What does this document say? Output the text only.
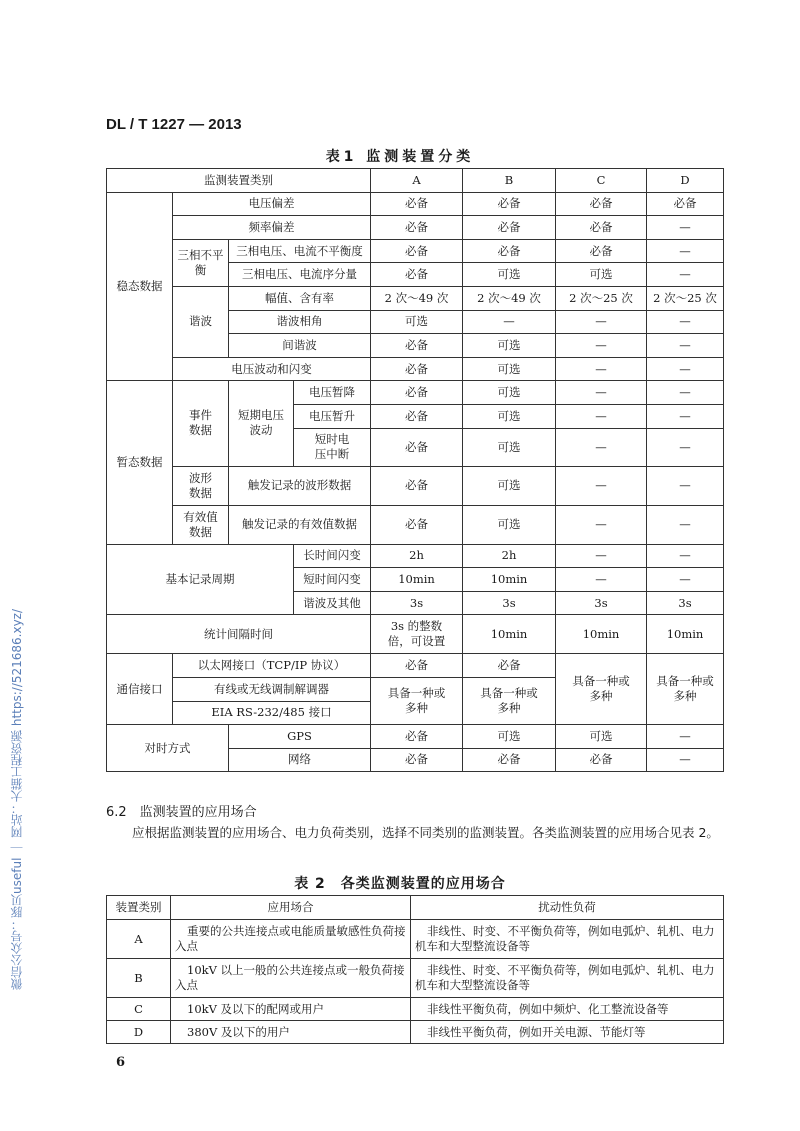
DL / T 1227 — 2013
微信公众号：豚贝useful ｜ 网站：大猫工程资源 https://521686.xyz/
表1 监测装置分类
监测装置类别				A	B	C	D
稳态数据	电压偏差			必备	必备	必备	必备
	频率偏差			必备	必备	必备	—
	三相不平衡	三相电压、电流不平衡度		必备	必备	必备	—
		三相电压、电流序分量		必备	可选	可选	—
	谐波	幅值、含有率		2 次～49 次	2 次～49 次	2 次～25 次	2 次～25 次
		谐波相角		可选	—	—	—
		间谐波		必备	可选	—	—
	电压波动和闪变			必备	可选	—	—
暂态数据	事件数据	短期电压波动	电压暂降	必备	可选	—	—
			电压暂升	必备	可选	—	—
			短时电压中断	必备	可选	—	—

	波形数据	触发记录的波形数据		必备	可选	—	—
	有效值数据	触发记录的有效值数据		必备	可选	—	—
基本记录周期			长时间闪变	2h	2h	—	—
			短时间闪变	10min	10min	—	—
			谐波及其他	3s	3s	3s	3s
统计间隔时间				3s 的整数倍，可设置	10min	10min	10min
通信接口	以太网接口（TCP/IP 协议）			必备	必备	具备一种或多种	具备一种或多种
	有线或无线调制解调器			具备一种或多种	具备一种或多种		
	EIA RS-232/485 接口						
对时方式		GPS		必备	可选	可选	—
		网络		必备	必备	必备	—
6.2　监测装置的应用场合
应根据监测装置的应用场合、电力负荷类别，选择不同类别的监测装置。各类监测装置的应用场合见表 2。
表 2　各类监测装置的应用场合
装置类别	应用场合	扰动性负荷
A	重要的公共连接点或电能质量敏感性负荷接入点	非线性、时变、不平衡负荷等，例如电弧炉、轧机、电力机车和大型整流设备等
B	10kV 以上一般的公共连接点或一般负荷接入点	非线性、时变、不平衡负荷等，例如电弧炉、轧机、电力机车和大型整流设备等
C	10kV 及以下的配网或用户	非线性平衡负荷，例如中频炉、化工整流设备等
D	380V 及以下的用户	非线性平衡负荷，例如开关电源、节能灯等
6
